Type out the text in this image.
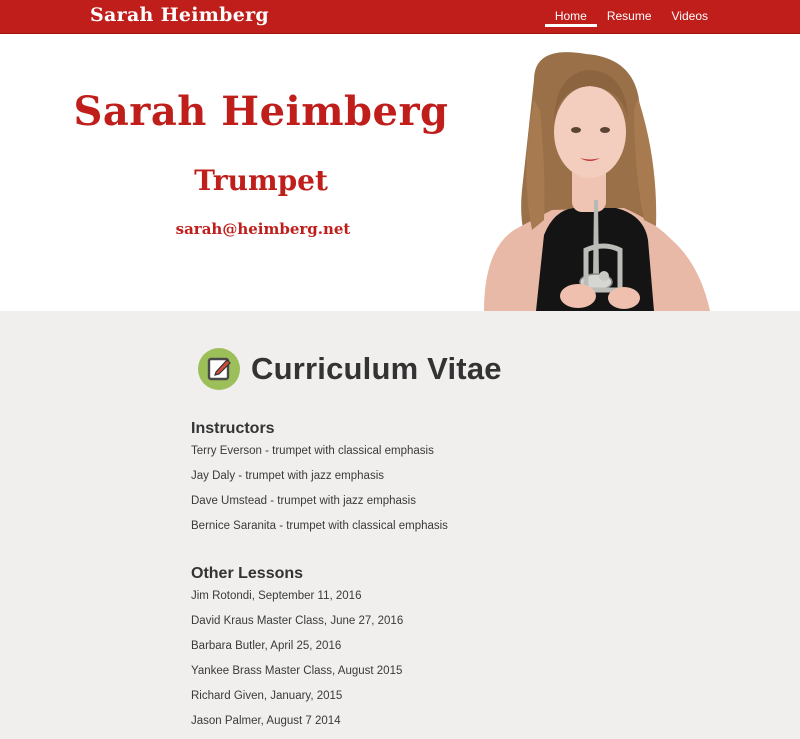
Sarah Heimberg	Home	Resume	Videos
Sarah Heimberg
Trumpet
sarah@heimberg.net
Curriculum Vitae
Instructors
Terry Everson - trumpet with classical emphasis
Jay Daly - trumpet with jazz emphasis
Dave Umstead - trumpet with jazz emphasis
Bernice Saranita - trumpet with classical emphasis
Other Lessons
Jim Rotondi, September 11, 2016
David Kraus Master Class, June 27, 2016
Barbara Butler, April 25, 2016
Yankee Brass Master Class, August 2015
Richard Given, January, 2015
Jason Palmer, August 7 2014
